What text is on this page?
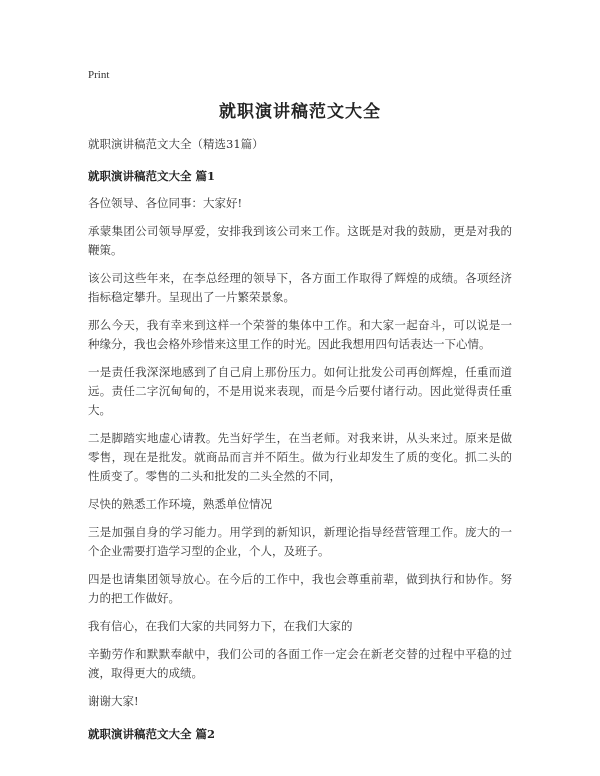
Print

就职演讲稿范文大全

就职演讲稿范文大全（精选31篇）

就职演讲稿范文大全 篇1

各位领导、各位同事：大家好!

承蒙集团公司领导厚爱，安排我到该公司来工作。这既是对我的鼓励，更是对我的鞭策。

该公司这些年来，在李总经理的领导下，各方面工作取得了辉煌的成绩。各项经济指标稳定攀升。呈现出了一片繁荣景象。

那么今天，我有幸来到这样一个荣誉的集体中工作。和大家一起奋斗，可以说是一种缘分，我也会格外珍惜来这里工作的时光。因此我想用四句话表达一下心情。

一是责任我深深地感到了自己肩上那份压力。如何让批发公司再创辉煌，任重而道远。责任二字沉甸甸的，不是用说来表现，而是今后要付诸行动。因此觉得责任重大。

二是脚踏实地虚心请教。先当好学生，在当老师。对我来讲，从头来过。原来是做零售，现在是批发。就商品而言并不陌生。做为行业却发生了质的变化。抓二头的性质变了。零售的二头和批发的二头全然的不同，

尽快的熟悉工作环境，熟悉单位情况

三是加强自身的学习能力。用学到的新知识，新理论指导经营管理工作。庞大的一个企业需要打造学习型的企业，个人，及班子。

四是也请集团领导放心。在今后的工作中，我也会尊重前辈，做到执行和协作。努力的把工作做好。

我有信心，在我们大家的共同努力下，在我们大家的

辛勤劳作和默默奉献中，我们公司的各面工作一定会在新老交替的过程中平稳的过渡，取得更大的成绩。

谢谢大家!

就职演讲稿范文大全 篇2
